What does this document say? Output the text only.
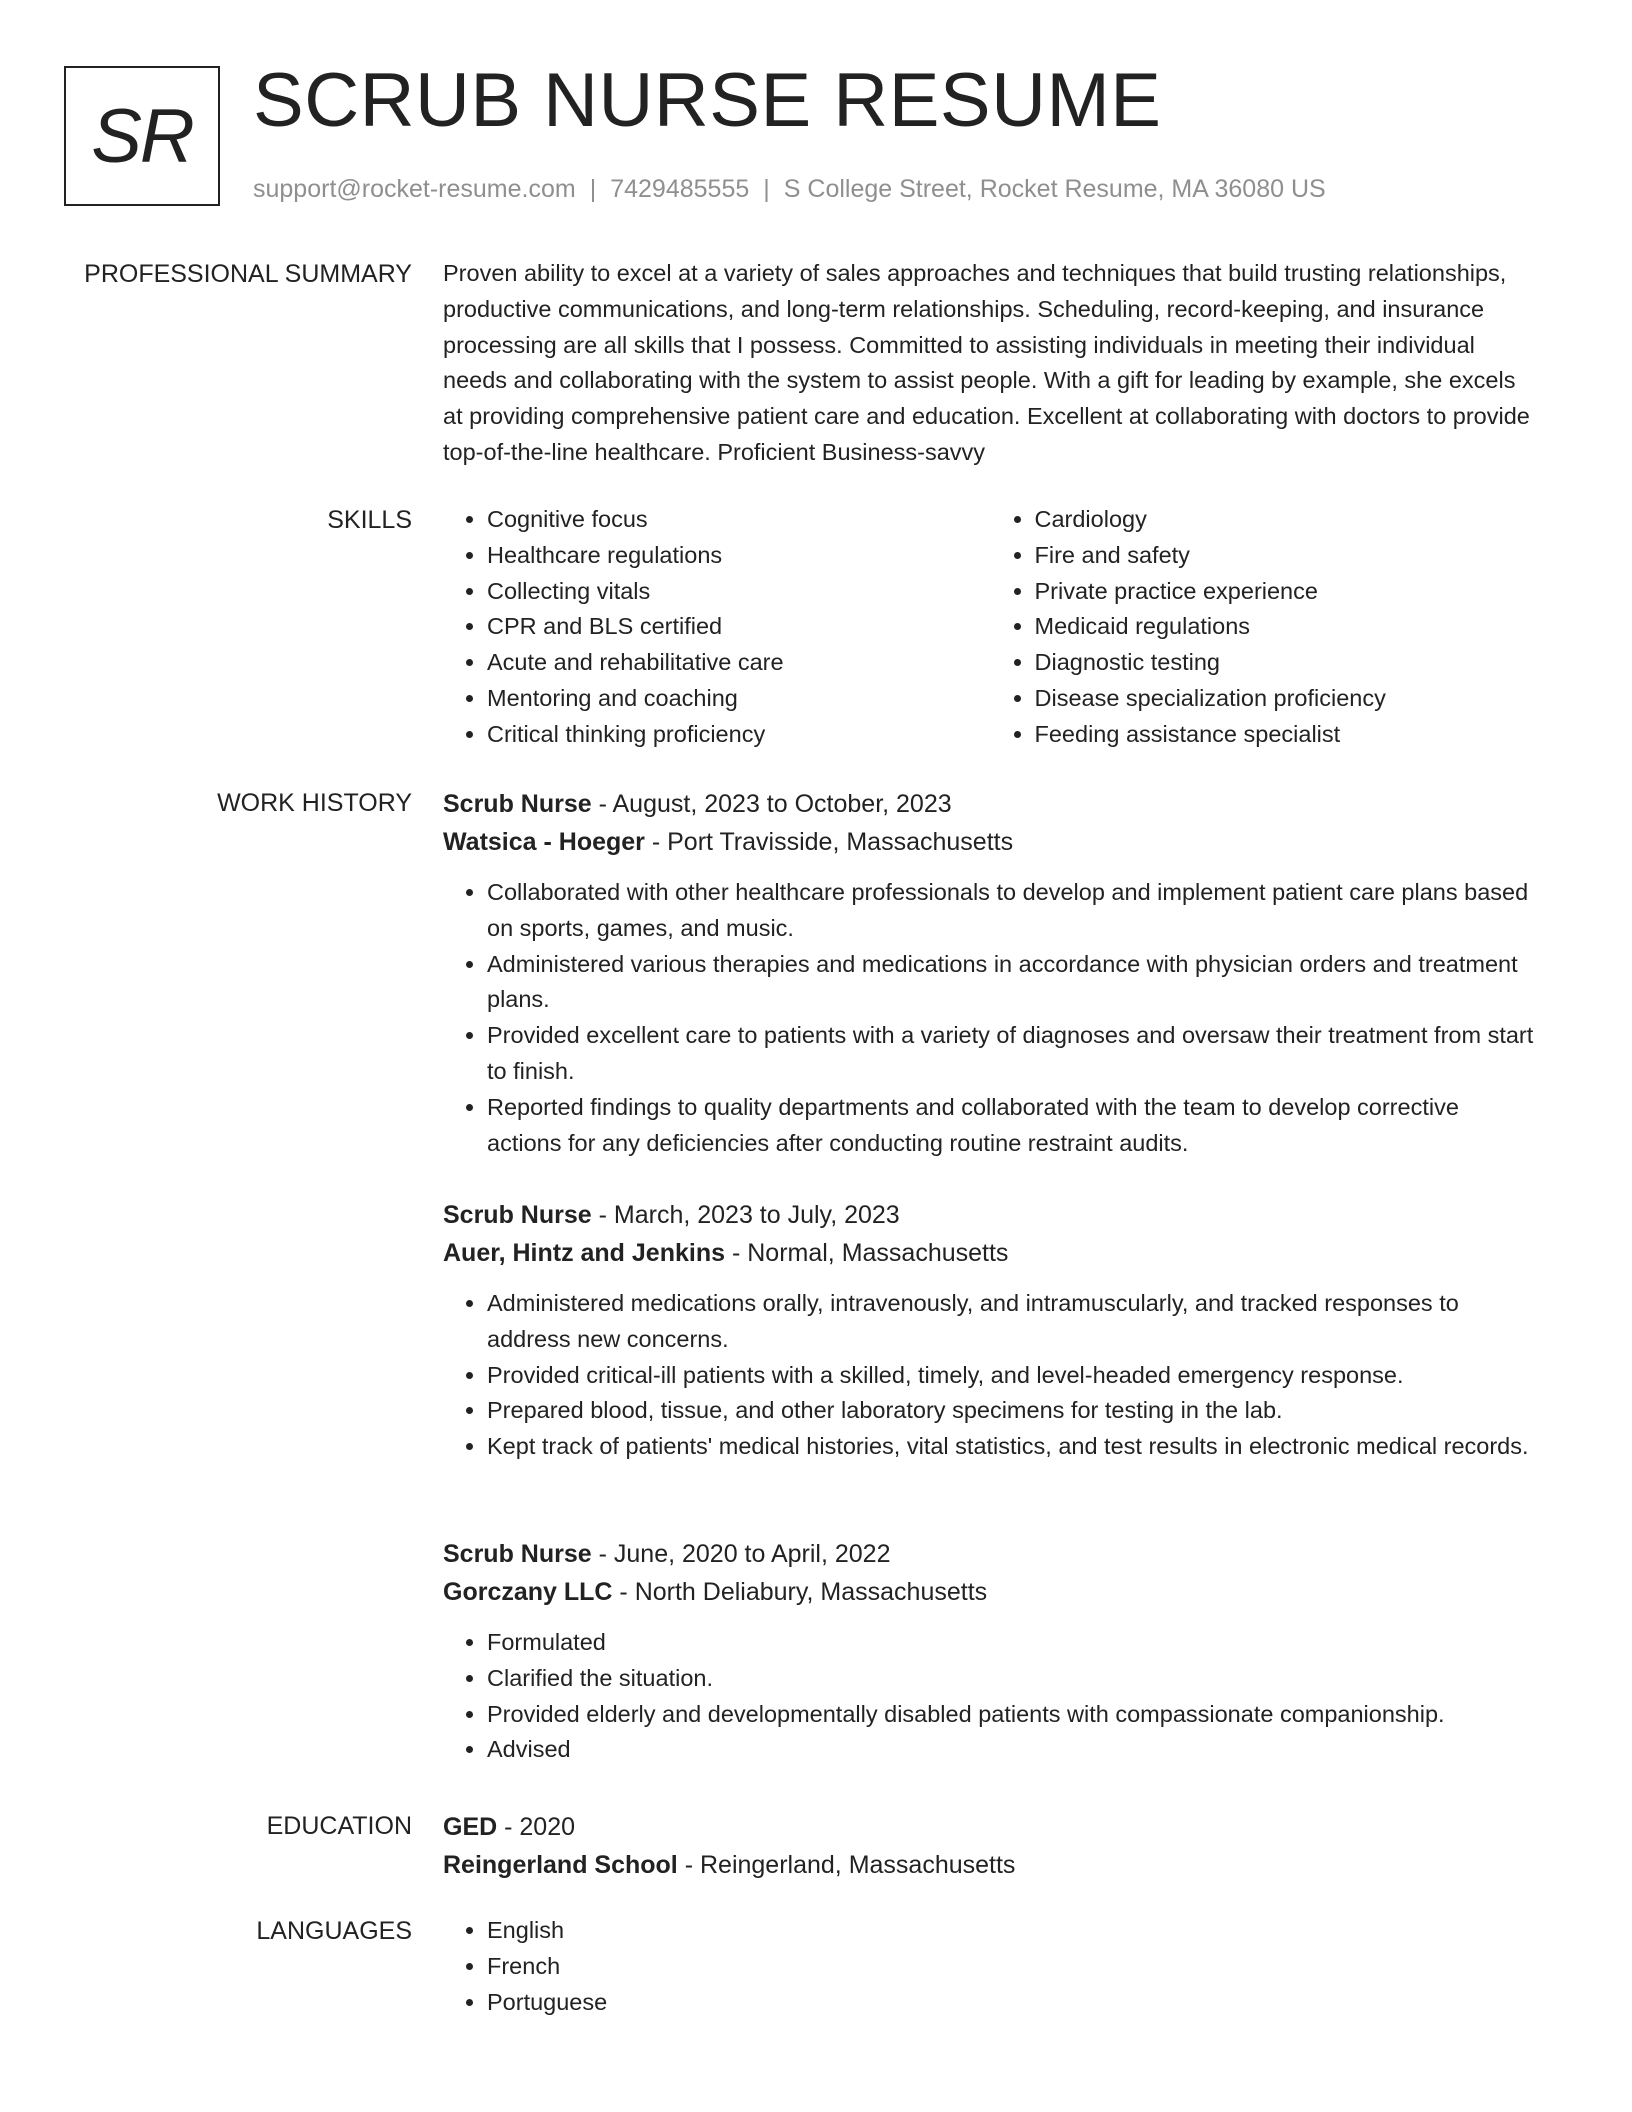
SR SCRUB NURSE RESUME
support@rocket-resume.com | 7429485555 | S College Street, Rocket Resume, MA 36080 US
PROFESSIONAL SUMMARY Proven ability to excel at a variety of sales approaches and techniques that build trusting relationships, productive communications, and long-term relationships. Scheduling, record-keeping, and insurance processing are all skills that I possess. Committed to assisting individuals in meeting their individual needs and collaborating with the system to assist people. With a gift for leading by example, she excels at providing comprehensive patient care and education. Excellent at collaborating with doctors to provide top-of-the-line healthcare. Proficient Business-savvy

SKILLS	• Cognitive focus
• Healthcare regulations
• Collecting vitals
• CPR and BLS certified
• Acute and rehabilitative care
• Mentoring and coaching
• Critical thinking proficiency
• Cardiology
• Fire and safety
• Private practice experience
• Medicaid regulations
• Diagnostic testing
• Disease specialization proficiency
• Feeding assistance specialist
WORK HISTORY Scrub Nurse - August, 2023 to October, 2023
Watsica - Hoeger - Port Travisside, Massachusetts
• Collaborated with other healthcare professionals to develop and implement patient care plans based on sports, games, and music.
• Administered various therapies and medications in accordance with physician orders and treatment plans.
• Provided excellent care to patients with a variety of diagnoses and oversaw their treatment from start to finish.
• Reported findings to quality departments and collaborated with the team to develop corrective actions for any deficiencies after conducting routine restraint audits.
Scrub Nurse - March, 2023 to July, 2023
Auer, Hintz and Jenkins - Normal, Massachusetts
• Administered medications orally, intravenously, and intramuscularly, and tracked responses to address new concerns.
• Provided critical-ill patients with a skilled, timely, and level-headed emergency response.
• Prepared blood, tissue, and other laboratory specimens for testing in the lab.
• Kept track of patients' medical histories, vital statistics, and test results in electronic medical records.
Scrub Nurse - June, 2020 to April, 2022
Gorczany LLC - North Deliabury, Massachusetts
• Formulated
• Clarified the situation.
• Provided elderly and developmentally disabled patients with compassionate companionship.
• Advised
EDUCATION GED - 2020
Reingerland School - Reingerland, Massachusetts
LANGUAGES	• English
• French
• Portuguese
